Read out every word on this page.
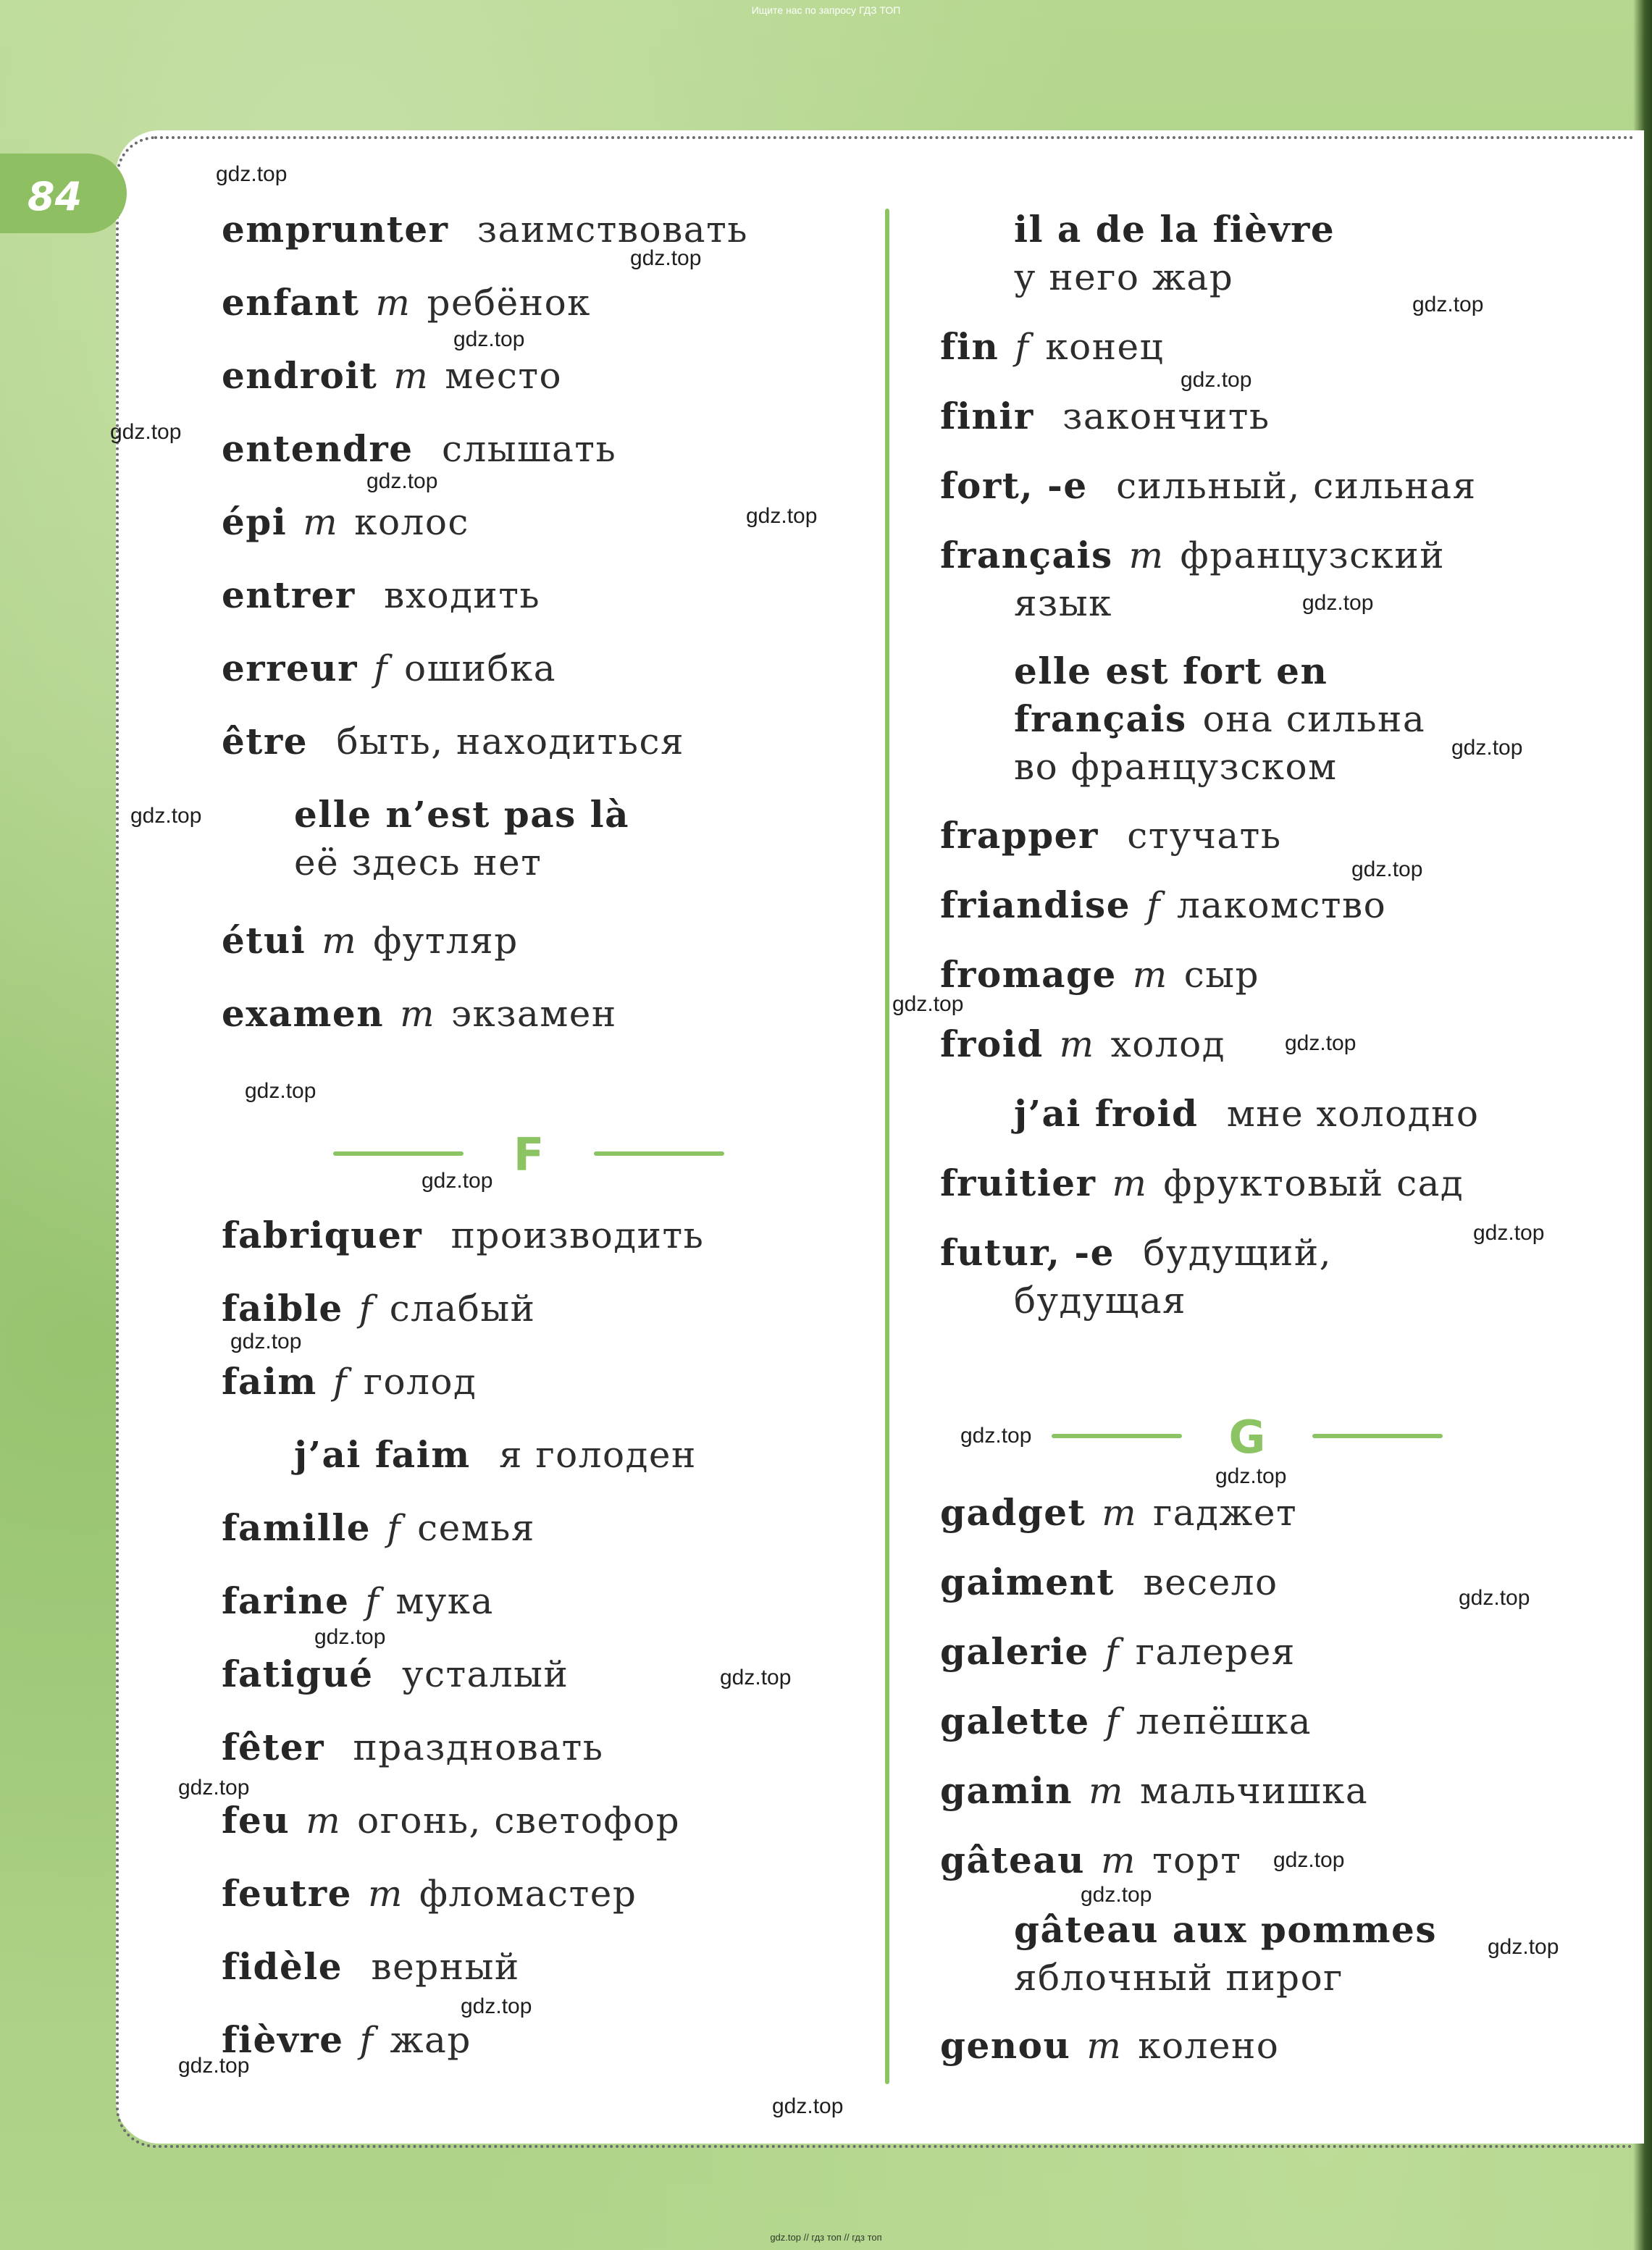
Ищите нас по запросу ГДЗ ТОП
84
emprunter заимствовать
enfant m ребёнок
endroit m место
entendre слышать
épi m колос
entrer входить
erreur f ошибка
être быть, находиться
elle n’est pas là
её здесь нет
étui m футляр
examen m экзамен
F
fabriquer производить
faible f слабый
faim f голод
j’ai faim я голоден
famille f семья
farine f мука
fatigué усталый
fêter праздновать
feu m огонь, светофор
feutre m фломастер
fidèle верный
fièvre f жар
il a de la fièvre
у него жар
fin f конец
finir закончить
fort, -e сильный, сильная
français m французский
язык
elle est fort en
français она сильна
во французском
frapper стучать
friandise f лакомство
fromage m сыр
froid m холод
j’ai froid мне холодно
fruitier m фруктовый сад
futur, -e будущий,
будущая
G
gadget m гаджет
gaiment весело
galerie f галерея
galette f лепёшка
gamin m мальчишка
gâteau m торт
gâteau aux pommes
яблочный пирог
genou m колено
gdz.top
gdz.top
gdz.top
gdz.top
gdz.top
gdz.top
gdz.top
gdz.top
gdz.top
gdz.top
gdz.top
gdz.top
gdz.top
gdz.top
gdz.top
gdz.top
gdz.top
gdz.top
gdz.top
gdz.top
gdz.top
gdz.top
gdz.top
gdz.top
gdz.top
gdz.top
gdz.top
gdz.top
gdz.top
gdz.top
gdz.top // гдз топ // гдз топ
